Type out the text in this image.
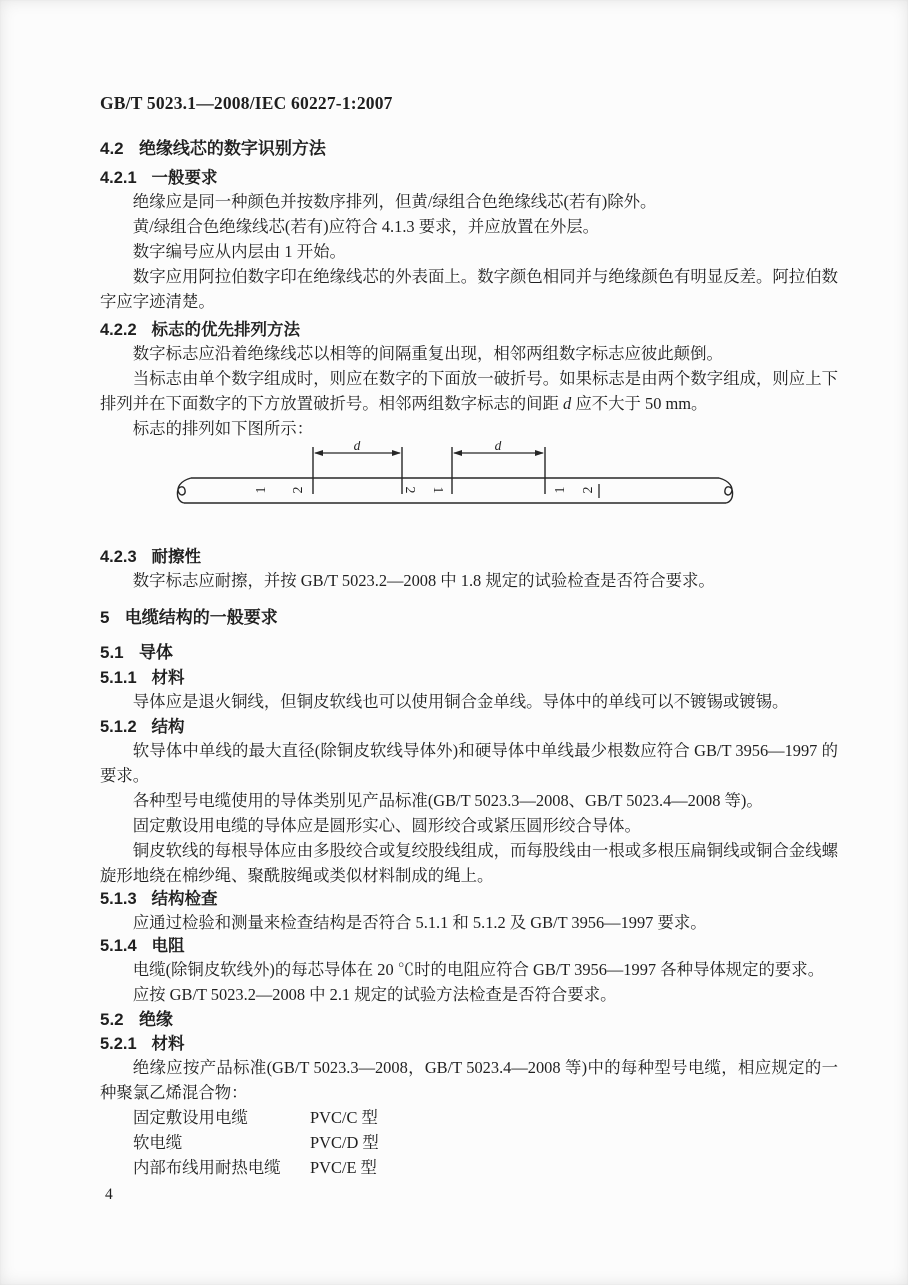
GB/T 5023.1—2008/IEC 60227-1:2007
4.2 绝缘线芯的数字识别方法
4.2.1 一般要求

绝缘应是同一种颜色并按数序排列，但黄/绿组合色绝缘线芯(若有)除外。

黄/绿组合色绝缘线芯(若有)应符合 4.1.3 要求，并应放置在外层。

数字编号应从内层由 1 开始。

数字应用阿拉伯数字印在绝缘线芯的外表面上。数字颜色相同并与绝缘颜色有明显反差。阿拉伯数字应字迹清楚。

4.2.2 标志的优先排列方法

数字标志应沿着绝缘线芯以相等的间隔重复出现，相邻两组数字标志应彼此颠倒。

当标志由单个数字组成时，则应在数字的下面放一破折号。如果标志是由两个数字组成，则应上下排列并在下面数字的下方放置破折号。相邻两组数字标志的间距 d 应不大于 50 mm。

标志的排列如下图所示：

d	d
1 2	2 1	1 2
4.2.3 耐擦性

数字标志应耐擦，并按 GB/T 5023.2—2008 中 1.8 规定的试验检查是否符合要求。

5 电缆结构的一般要求
5.1 导体
5.1.1 材料

导体应是退火铜线，但铜皮软线也可以使用铜合金单线。导体中的单线可以不镀锡或镀锡。

5.1.2 结构

软导体中单线的最大直径(除铜皮软线导体外)和硬导体中单线最少根数应符合 GB/T 3956—1997 的要求。

各种型号电缆使用的导体类别见产品标准(GB/T 5023.3—2008、GB/T 5023.4—2008 等)。

固定敷设用电缆的导体应是圆形实心、圆形绞合或紧压圆形绞合导体。

铜皮软线的每根导体应由多股绞合或复绞股线组成，而每股线由一根或多根压扁铜线或铜合金线螺旋形地绕在棉纱绳、聚酰胺绳或类似材料制成的绳上。

5.1.3 结构检查

应通过检验和测量来检查结构是否符合 5.1.1 和 5.1.2 及 GB/T 3956—1997 要求。

5.1.4 电阻

电缆(除铜皮软线外)的每芯导体在 20 ℃时的电阻应符合 GB/T 3956—1997 各种导体规定的要求。

应按 GB/T 5023.2—2008 中 2.1 规定的试验方法检查是否符合要求。

5.2 绝缘
5.2.1 材料

绝缘应按产品标准(GB/T 5023.3—2008，GB/T 5023.4—2008 等)中的每种型号电缆，相应规定的一种聚氯乙烯混合物：

固定敷设用电缆	PVC/C 型
软电缆	PVC/D 型
内部布线用耐热电缆	PVC/E 型
4
